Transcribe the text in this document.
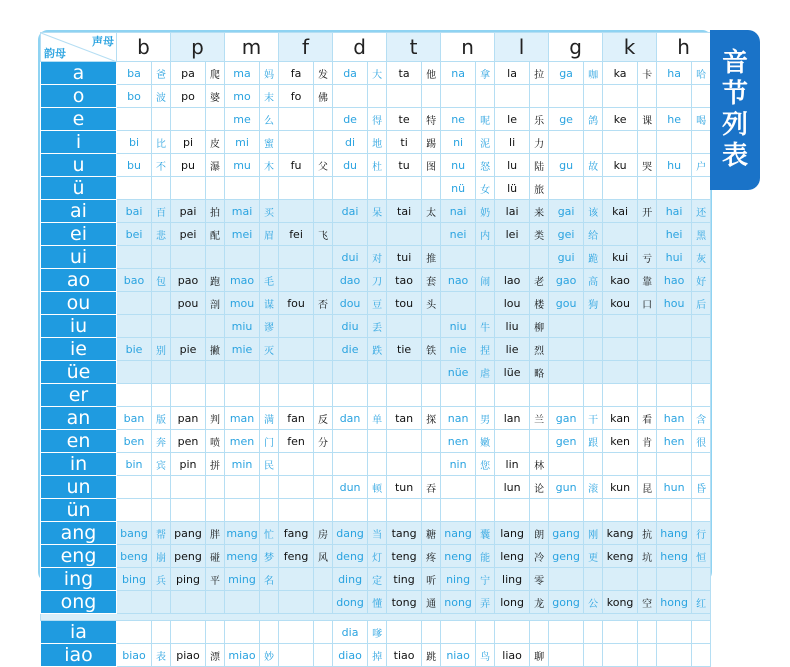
声母
韵母	b		p		m		f		d		t		n		l		g		k		h	
a	ba	爸	pa	爬	ma	妈	fa	发	da	大	ta	他	na	拿	la	拉	ga	咖	ka	卡	ha	哈
o	bo	波	po	婆	mo	末	fo	佛														
e					me	么			de	得	te	特	ne	呢	le	乐	ge	鸽	ke	课	he	喝
i	bi	比	pi	皮	mi	蜜			di	地	ti	踢	ni	泥	li	力						
u	bu	不	pu	瀑	mu	木	fu	父	du	杜	tu	图	nu	怒	lu	陆	gu	故	ku	哭	hu	户
ü													nü	女	lü	旅						
ai	bai	百	pai	拍	mai	买			dai	呆	tai	太	nai	奶	lai	来	gai	该	kai	开	hai	还
ei	bei	悲	pei	配	mei	眉	fei	飞					nei	内	lei	类	gei	给			hei	黑
ui									dui	对	tui	推					gui	跪	kui	亏	hui	灰
ao	bao	包	pao	跑	mao	毛			dao	刀	tao	套	nao	闹	lao	老	gao	高	kao	靠	hao	好
ou			pou	剖	mou	谋	fou	否	dou	豆	tou	头			lou	楼	gou	狗	kou	口	hou	后
iu					miu	谬			diu	丢			niu	牛	liu	柳						
ie	bie	别	pie	撇	mie	灭			die	跌	tie	铁	nie	捏	lie	烈						
üe													nüe	虐	lüe	略						
er																						
an	ban	版	pan	判	man	满	fan	反	dan	单	tan	探	nan	男	lan	兰	gan	干	kan	看	han	含
en	ben	奔	pen	喷	men	门	fen	分					nen	嫩			gen	跟	ken	肯	hen	很
in	bin	宾	pin	拼	min	民							nin	您	lin	林						
un									dun	顿	tun	吞			lun	论	gun	滚	kun	昆	hun	昏
ün																						
ang	bang	帮	pang	胖	mang	忙	fang	房	dang	当	tang	糖	nang	囊	lang	朗	gang	刚	kang	抗	hang	行
eng	beng	崩	peng	碰	meng	梦	feng	风	deng	灯	teng	疼	neng	能	leng	冷	geng	更	keng	坑	heng	恒
ing	bing	兵	ping	平	ming	名			ding	定	ting	听	ning	宁	ling	零						
ong									dong	懂	tong	通	nong	弄	long	龙	gong	公	kong	空	hong	红

ia									dia	嗲												
iao	biao	表	piao	漂	miao	妙			diao	掉	tiao	跳	niao	鸟	liao	聊						
音
节
列
表
